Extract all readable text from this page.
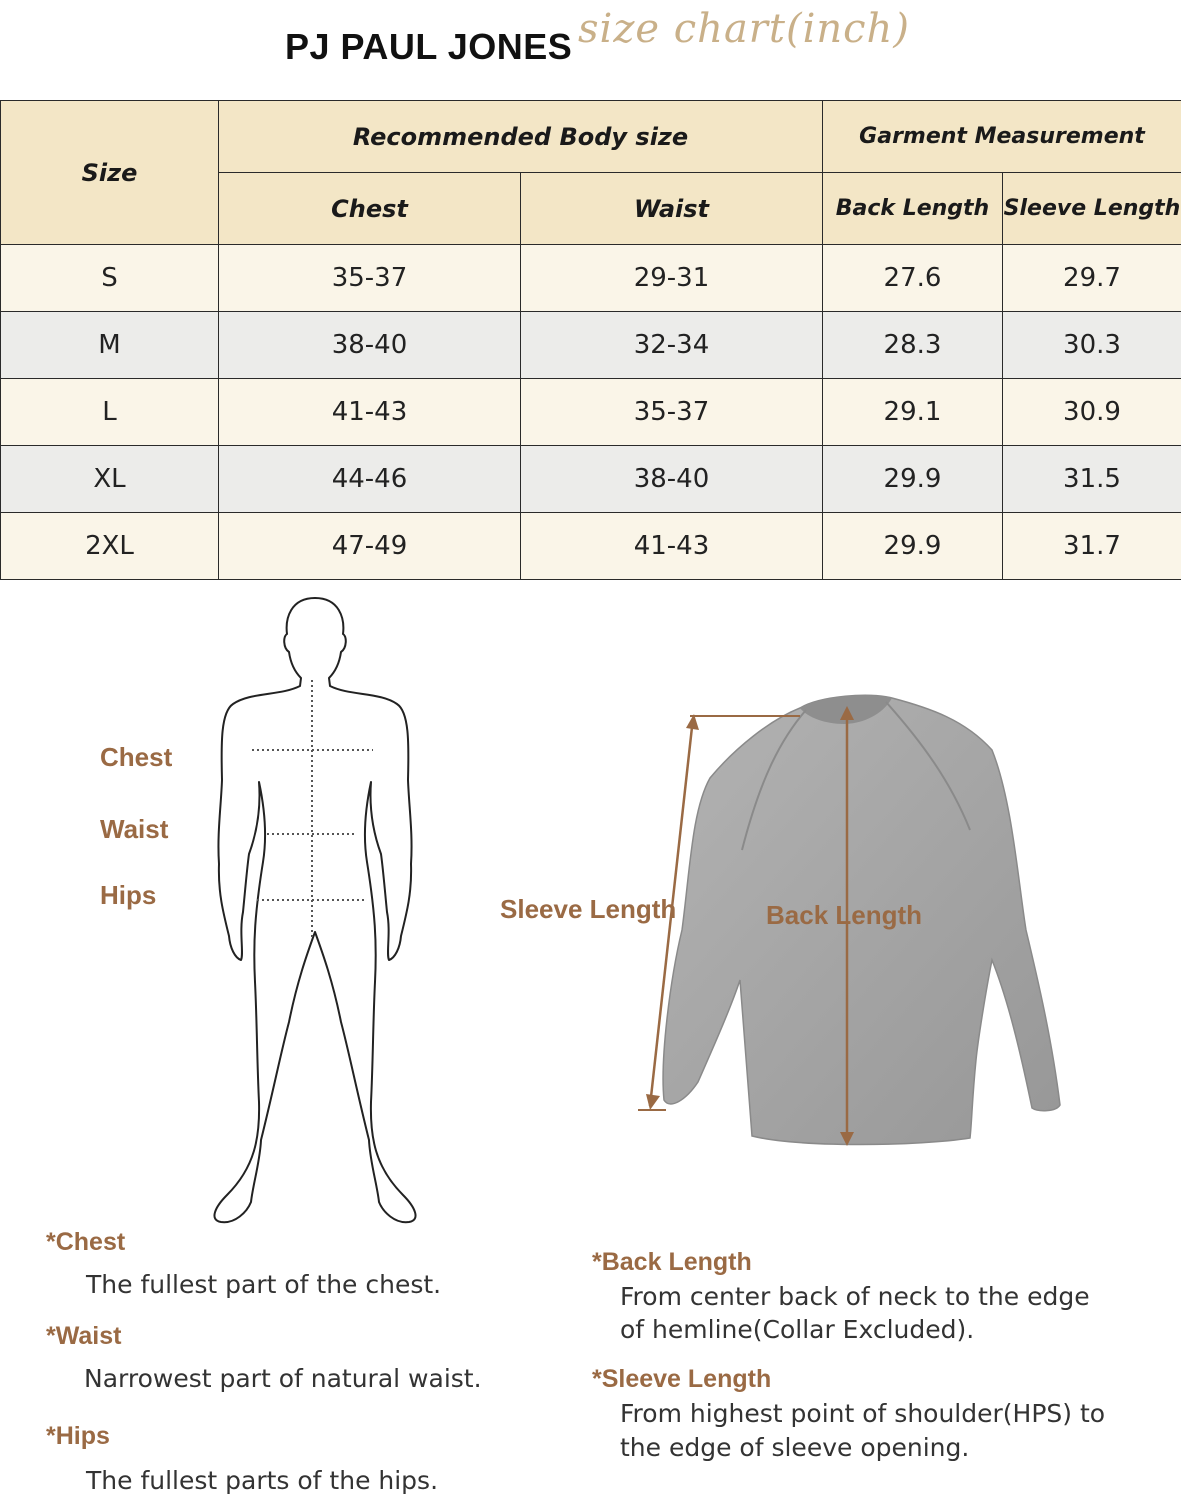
PJ PAUL JONES size chart(inch)
Size	Recommended Body size		Garment Measurement	
	Chest	Waist	Back Length	Sleeve Length
S	35-37	29-31	27.6	29.7
M	38-40	32-34	28.3	30.3
L	41-43	35-37	29.1	30.9
XL	44-46	38-40	29.9	31.5
2XL	47-49	41-43	29.9	31.7
Chest
Waist
Hips	Sleeve Length	Back Length
*Chest
The fullest part of the chest.
*Waist
Narrowest part of natural waist.
*Hips
The fullest parts of the hips.
*Back Length
From center back of neck to the edge
of hemline(Collar Excluded).
*Sleeve Length
From highest point of shoulder(HPS) to
the edge of sleeve opening.
